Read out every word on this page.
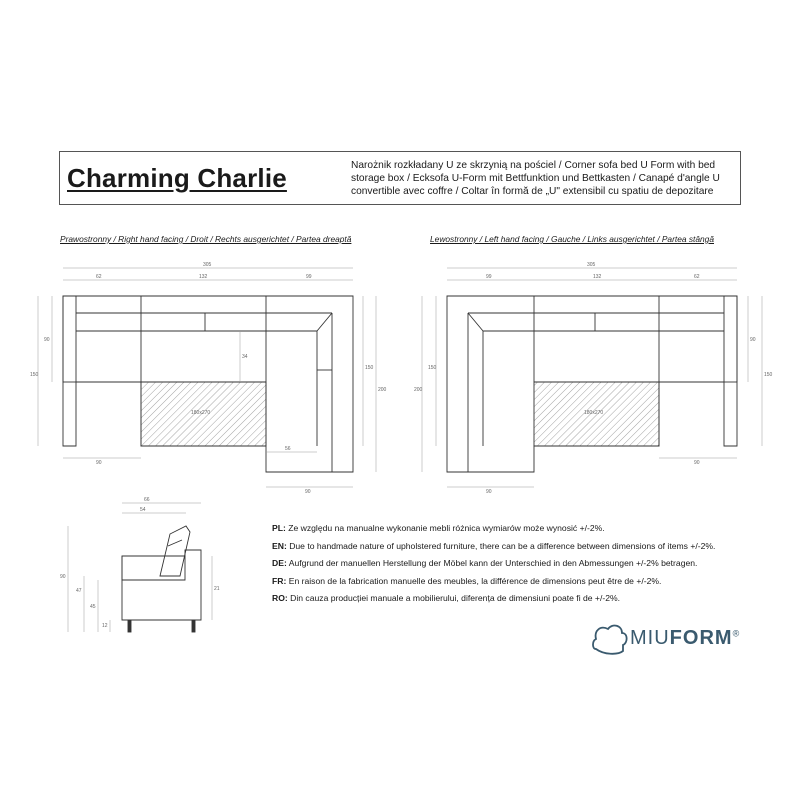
Charming Charlie	Narożnik rozkładany U ze skrzynią na pościel / Corner sofa bed U Form with bed storage box / Ecksofa U-Form mit Bettfunktion und Bettkasten / Canapé d'angle U convertible avec coffre / Coltar în formă de „U" extensibil cu spatiu de depozitare
Prawostronny / Right hand facing / Droit / Rechts ausgerichtet / Partea dreaptă	Lewostronny / Left hand facing / Gauche / Links ausgerichtet / Partea stângă
305
62	132	99
90
150
34
150
200
90
56
90
180x270
305
99	132	62
200
150
90
150
90
90
180x270
66
54
90
47
45
12
21
PL: Ze względu na manualne wykonanie mebli różnica wymiarów może wynosić +/-2%.
EN: Due to handmade nature of upholstered furniture, there can be a difference between dimensions of items +/-2%.
DE: Aufgrund der manuellen Herstellung der Möbel kann der Unterschied in den Abmessungen +/-2% betragen.
FR: En raison de la fabrication manuelle des meubles, la différence de dimensions peut être de +/-2%.
RO: Din cauza producției manuale a mobilierului, diferența de dimensiuni poate fi de +/-2%.
MIUFORM®
